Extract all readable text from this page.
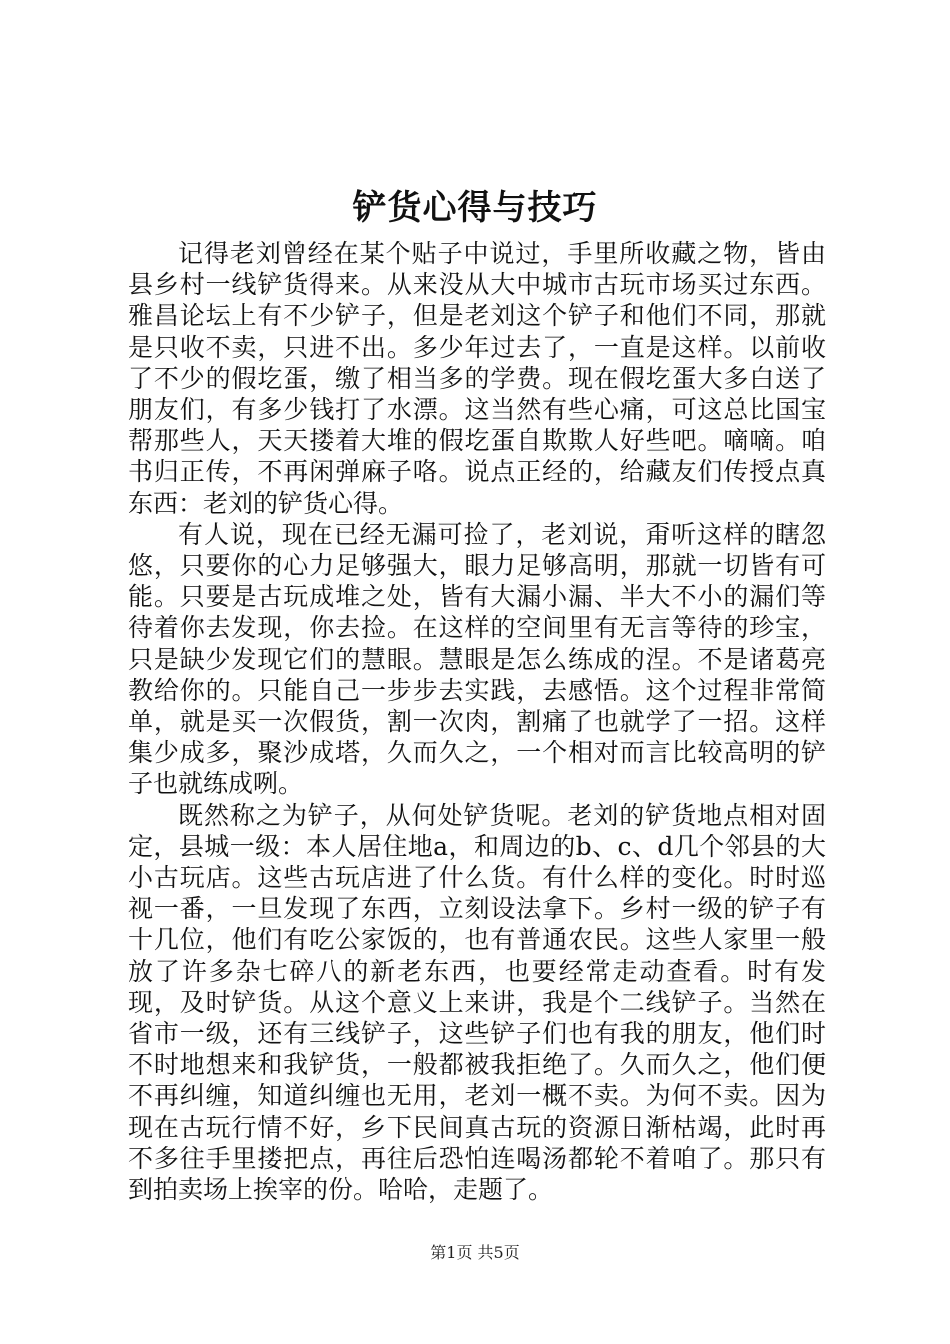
铲货心得与技巧

记得老刘曾经在某个贴子中说过，手里所收藏之物，皆由县乡村一线铲货得来。从来没从大中城市古玩市场买过东西。雅昌论坛上有不少铲子，但是老刘这个铲子和他们不同，那就是只收不卖，只进不出。多少年过去了，一直是这样。以前收了不少的假圪蛋，缴了相当多的学费。现在假圪蛋大多白送了朋友们，有多少钱打了水漂。这当然有些心痛，可这总比国宝帮那些人，天天搂着大堆的假圪蛋自欺欺人好些吧。嘀嘀。咱书归正传，不再闲弹麻子咯。说点正经的，给藏友们传授点真东西：老刘的铲货心得。

有人说，现在已经无漏可捡了，老刘说，甭听这样的瞎忽悠，只要你的心力足够强大，眼力足够高明，那就一切皆有可能。只要是古玩成堆之处，皆有大漏小漏、半大不小的漏们等待着你去发现，你去捡。在这样的空间里有无言等待的珍宝，只是缺少发现它们的慧眼。慧眼是怎么练成的涅。不是诸葛亮教给你的。只能自己一步步去实践，去感悟。这个过程非常简单，就是买一次假货，割一次肉，割痛了也就学了一招。这样集少成多，聚沙成塔，久而久之，一个相对而言比较高明的铲子也就练成咧。

既然称之为铲子，从何处铲货呢。老刘的铲货地点相对固定，县城一级：本人居住地a，和周边的b、c、d几个邻县的大小古玩店。这些古玩店进了什么货。有什么样的变化。时时巡视一番，一旦发现了东西，立刻设法拿下。乡村一级的铲子有十几位，他们有吃公家饭的，也有普通农民。这些人家里一般放了许多杂七碎八的新老东西，也要经常走动查看。时有发现，及时铲货。从这个意义上来讲，我是个二线铲子。当然在省市一级，还有三线铲子，这些铲子们也有我的朋友，他们时不时地想来和我铲货，一般都被我拒绝了。久而久之，他们便不再纠缠，知道纠缠也无用，老刘一概不卖。为何不卖。因为现在古玩行情不好，乡下民间真古玩的资源日渐枯竭，此时再不多往手里搂把点，再往后恐怕连喝汤都轮不着咱了。那只有到拍卖场上挨宰的份。哈哈，走题了。

第1页 共5页
